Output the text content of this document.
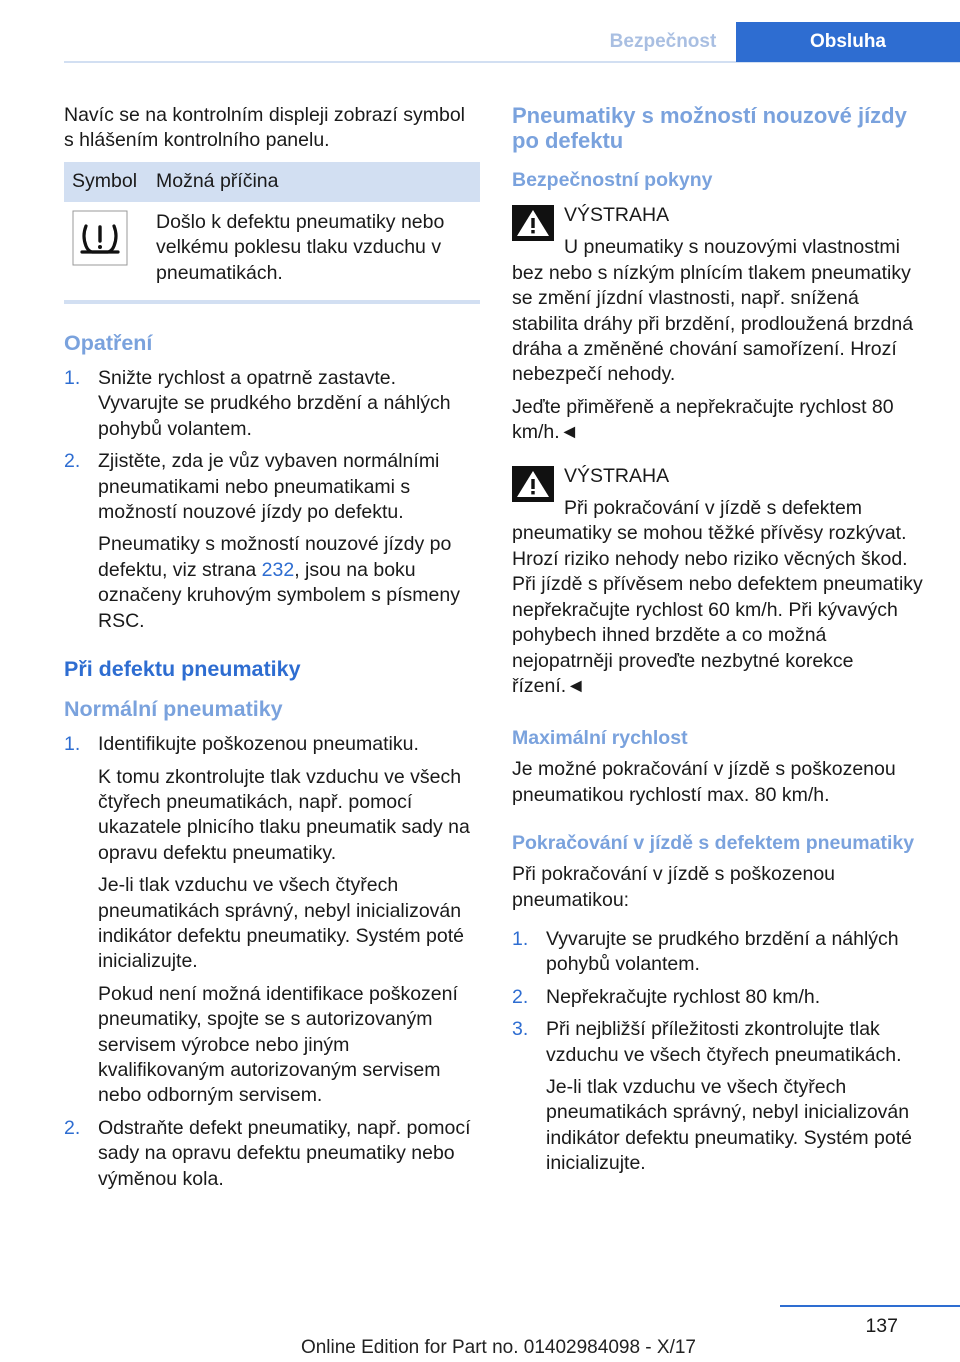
Bezpečnost	Obsluha

Navíc se na kontrolním displeji zobrazí symbol s hlášením kontrolního panelu.

Symbol	Možná příčina
	Došlo k defektu pneumatiky nebo velkému poklesu tlaku vzduchu v pneumatikách.
Opatření
1. Snižte rychlost a opatrně zastavte. Vyvarujte se prudkého brzdění a náhlých pohybů volantem.

2. Zjistěte, zda je vůz vybaven normálními pneumatikami nebo pneumatikami s možností nouzové jízdy po defektu.

Pneumatiky s možností nouzové jízdy po defektu, viz strana 232, jsou na boku označeny kruhovým symbolem s písmeny RSC.

Při defektu pneumatiky
Normální pneumatiky
1. Identifikujte poškozenou pneumatiku.

K tomu zkontrolujte tlak vzduchu ve všech čtyřech pneumatikách, např. pomocí ukazatele plnicího tlaku pneumatik sady na opravu defektu pneumatiky.

Je-li tlak vzduchu ve všech čtyřech pneumatikách správný, nebyl inicializován indikátor defektu pneumatiky. Systém poté inicializujte.

Pokud není možná identifikace poškození pneumatiky, spojte se s autorizovaným servisem výrobce nebo jiným kvalifikovaným autorizovaným servisem nebo odborným servisem.

2. Odstraňte defekt pneumatiky, např. pomocí sady na opravu defektu pneumatiky nebo výměnou kola.

Pneumatiky s možností nouzové jízdy po defektu
Bezpečnostní pokyny
VÝSTRAHA

U pneumatiky s nouzovými vlastnostmi bez nebo s nízkým plnícím tlakem pneumatiky se změní jízdní vlastnosti, např. snížená stabilita dráhy při brzdění, prodloužená brzdná dráha a změněné chování samořízení. Hrozí nebezpečí nehody.

Jeďte přiměřeně a nepřekračujte rychlost 80 km/h.◄

VÝSTRAHA

Při pokračování v jízdě s defektem pneumatiky se mohou těžké přívěsy rozkývat. Hrozí riziko nehody nebo riziko věcných škod. Při jízdě s přívěsem nebo defektem pneumatiky nepřekračujte rychlost 60 km/h. Při kývavých pohybech ihned brzděte a co možná nejopatrněji proveďte nezbytné korekce řízení.◄

Maximální rychlost

Je možné pokračování v jízdě s poškozenou pneumatikou rychlostí max. 80 km/h.

Pokračování v jízdě s defektem pneumatiky

Při pokračování v jízdě s poškozenou pneumatikou:

1. Vyvarujte se prudkého brzdění a náhlých pohybů volantem.

2. Nepřekračujte rychlost 80 km/h.

3. Při nejbližší příležitosti zkontrolujte tlak vzduchu ve všech čtyřech pneumatikách.

Je-li tlak vzduchu ve všech čtyřech pneumatikách správný, nebyl inicializován indikátor defektu pneumatiky. Systém poté inicializujte.

137
Online Edition for Part no. 01402984098 - X/17
